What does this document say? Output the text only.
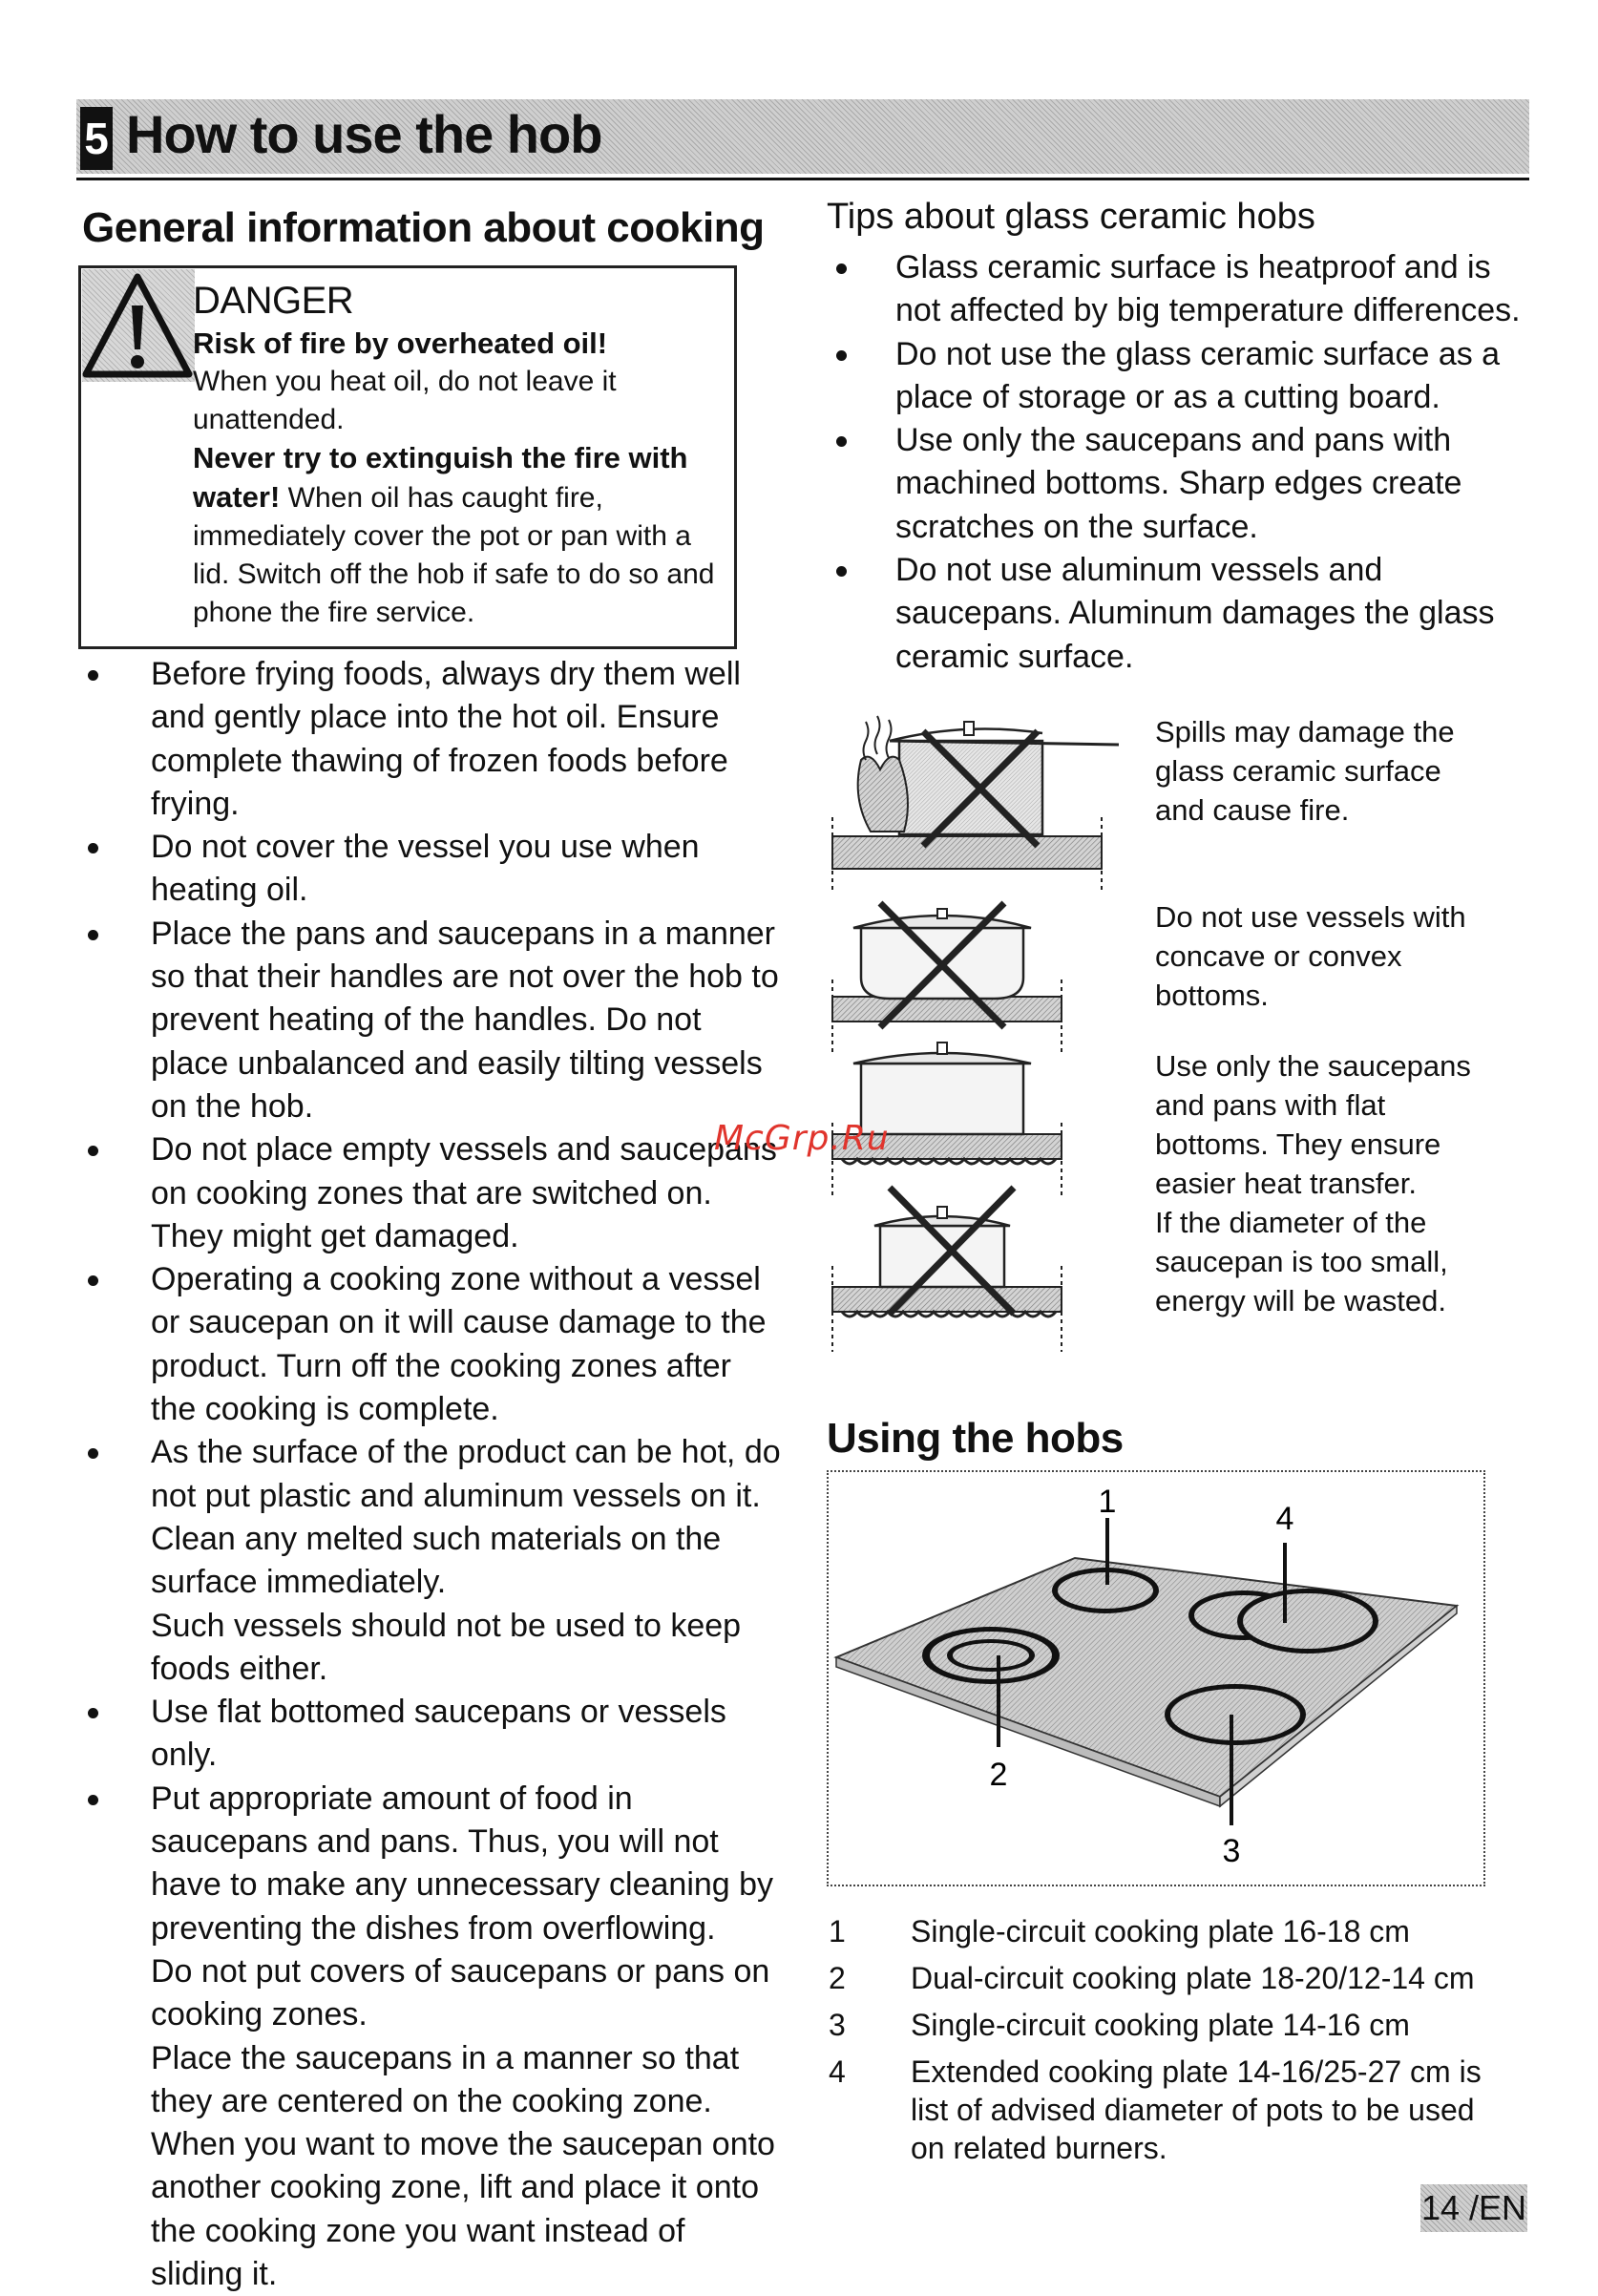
5 How to use the hob
General information about cooking
DANGER
Risk of fire by overheated oil!
When you heat oil, do not leave it unattended.
Never try to extinguish the fire with water! When oil has caught fire, immediately cover the pot or pan with a lid. Switch off the hob if safe to do so and phone the fire service.
Before frying foods, always dry them well and gently place into the hot oil. Ensure complete thawing of frozen foods before frying.
Do not cover the vessel you use when heating oil.
Place the pans and saucepans in a manner so that their handles are not over the hob to prevent heating of the handles. Do not place unbalanced and easily tilting vessels on the hob.
Do not place empty vessels and saucepans on cooking zones that are switched on. They might get damaged.
Operating a cooking zone without a vessel or saucepan on it will cause damage to the product. Turn off the cooking zones after the cooking is complete.
As the surface of the product can be hot, do not put plastic and aluminum vessels on it. Clean any melted such materials on the surface immediately.
Such vessels should not be used to keep foods either.
Use flat bottomed saucepans or vessels only.
Put appropriate amount of food in saucepans and pans. Thus, you will not have to make any unnecessary cleaning by preventing the dishes from overflowing.
Do not put covers of saucepans or pans on cooking zones.
Place the saucepans in a manner so that they are centered on the cooking zone. When you want to move the saucepan onto another cooking zone, lift and place it onto the cooking zone you want instead of sliding it.
Tips about glass ceramic hobs
Glass ceramic surface is heatproof and is not affected by big temperature differences.
Do not use the glass ceramic surface as a place of storage or as a cutting board.
Use only the saucepans and pans with machined bottoms. Sharp edges create scratches on the surface.
Do not use aluminum vessels and saucepans. Aluminum damages the glass ceramic surface.
Spills may damage the glass ceramic surface and cause fire.
Do not use vessels with concave or convex bottoms.
Use only the saucepans and pans with flat bottoms. They ensure easier heat transfer.
If the diameter of the saucepan is too small, energy will be wasted.
Using the hobs
1	4
2
3
1 Single-circuit cooking plate 16-18 cm
2 Dual-circuit cooking plate 18-20/12-14 cm
3 Single-circuit cooking plate 14-16 cm
4 Extended cooking plate 14-16/25-27 cm is list of advised diameter of pots to be used on related burners.
14 /EN
McGrp.Ru
